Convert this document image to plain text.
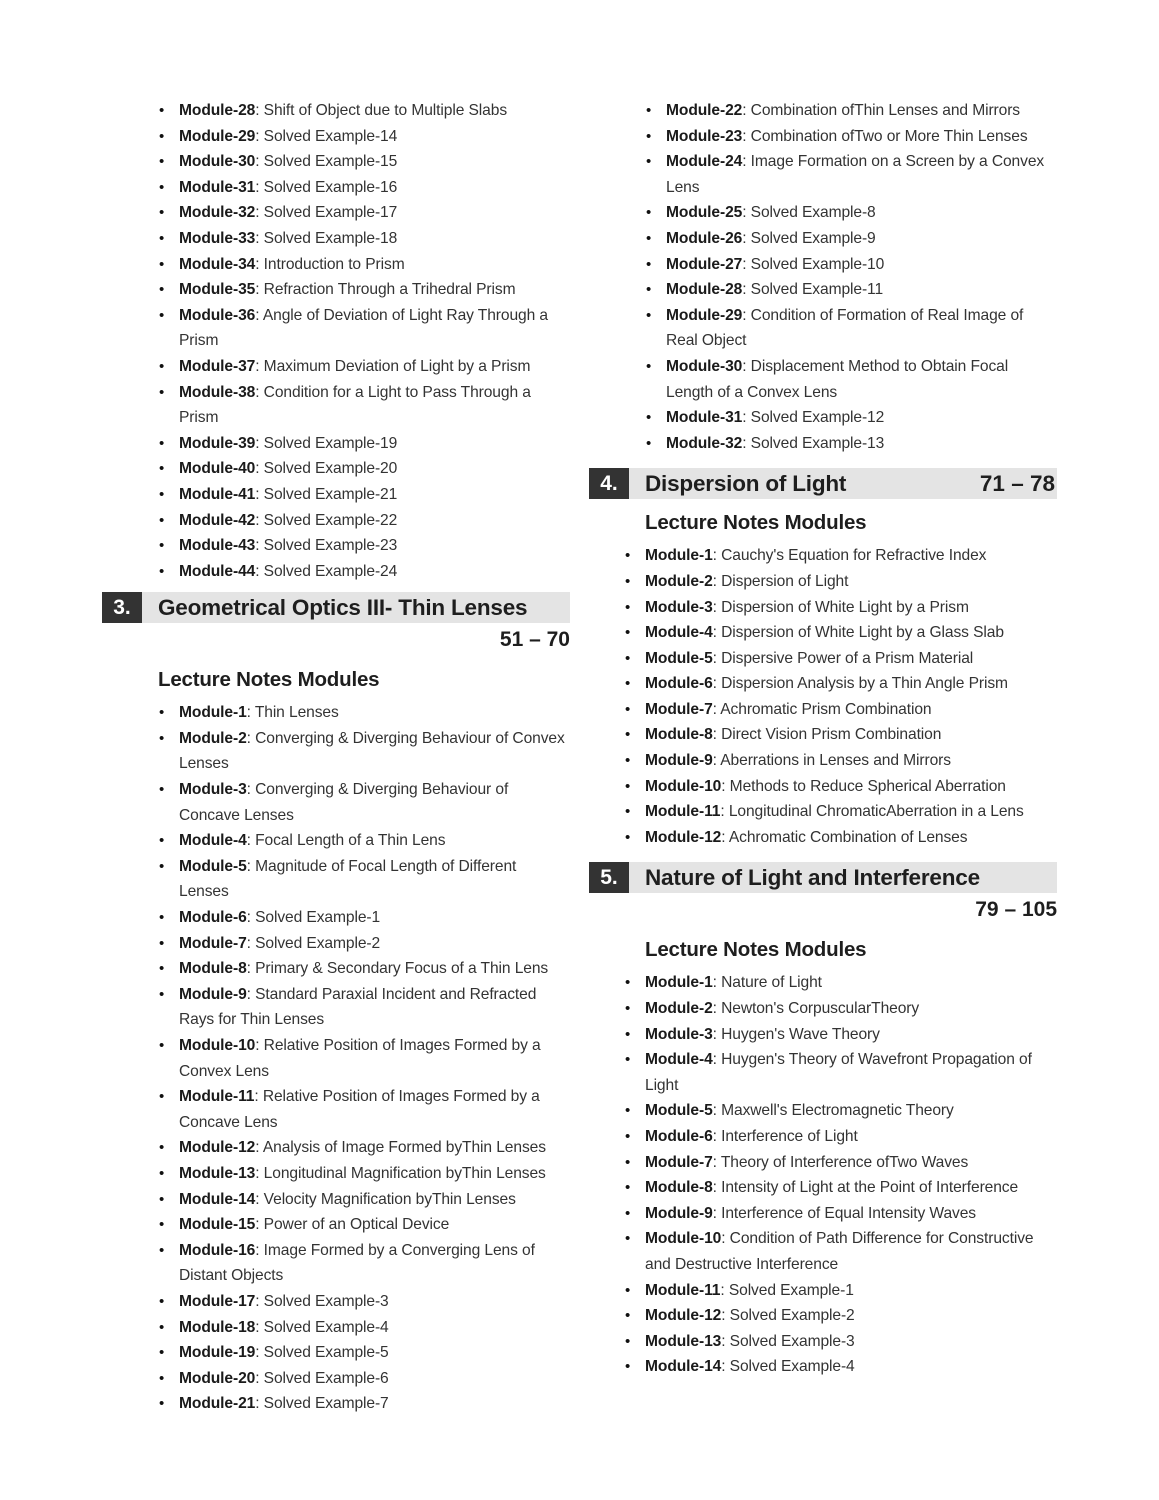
• Module-28: Shift of Object due to Multiple Slabs
• Module-29: Solved Example-14
• Module-30: Solved Example-15
• Module-31: Solved Example-16
• Module-32: Solved Example-17
• Module-33: Solved Example-18
• Module-34: Introduction to Prism
• Module-35: Refraction Through a Trihedral Prism
• Module-36: Angle of Deviation of Light Ray Through a Prism
• Module-37: Maximum Deviation of Light by a Prism
• Module-38: Condition for a Light to Pass Through a Prism
• Module-39: Solved Example-19
• Module-40: Solved Example-20
• Module-41: Solved Example-21
• Module-42: Solved Example-22
• Module-43: Solved Example-23
• Module-44: Solved Example-24
3.	Geometrical Optics III- Thin Lenses
51 – 70
Lecture Notes Modules
• Module-1: Thin Lenses
• Module-2: Converging & Diverging Behaviour of Convex Lenses
• Module-3: Converging & Diverging Behaviour of Concave Lenses
• Module-4: Focal Length of a Thin Lens
• Module-5: Magnitude of Focal Length of Different Lenses
• Module-6: Solved Example-1
• Module-7: Solved Example-2
• Module-8: Primary & Secondary Focus of a Thin Lens
• Module-9: Standard Paraxial Incident and Refracted Rays for Thin Lenses
• Module-10: Relative Position of Images Formed by a Convex Lens
• Module-11: Relative Position of Images Formed by a Concave Lens
• Module-12: Analysis of Image Formed byThin Lenses
• Module-13: Longitudinal Magnification byThin Lenses
• Module-14: Velocity Magnification byThin Lenses
• Module-15: Power of an Optical Device
• Module-16: Image Formed by a Converging Lens of Distant Objects
• Module-17: Solved Example-3
• Module-18: Solved Example-4
• Module-19: Solved Example-5
• Module-20: Solved Example-6
• Module-21: Solved Example-7
• Module-22: Combination ofThin Lenses and Mirrors
• Module-23: Combination ofTwo or More Thin Lenses
• Module-24: Image Formation on a Screen by a Convex Lens
• Module-25: Solved Example-8
• Module-26: Solved Example-9
• Module-27: Solved Example-10
• Module-28: Solved Example-11
• Module-29: Condition of Formation of Real Image of Real Object
• Module-30: Displacement Method to Obtain Focal Length of a Convex Lens
• Module-31: Solved Example-12
• Module-32: Solved Example-13
4.	Dispersion of Light	71 – 78
Lecture Notes Modules
• Module-1: Cauchy's Equation for Refractive Index
• Module-2: Dispersion of Light
• Module-3: Dispersion of White Light by a Prism
• Module-4: Dispersion of White Light by a Glass Slab
• Module-5: Dispersive Power of a Prism Material
• Module-6: Dispersion Analysis by a Thin Angle Prism
• Module-7: Achromatic Prism Combination
• Module-8: Direct Vision Prism Combination
• Module-9: Aberrations in Lenses and Mirrors
• Module-10: Methods to Reduce Spherical Aberration
• Module-11: Longitudinal ChromaticAberration in a Lens
• Module-12: Achromatic Combination of Lenses
5.	Nature of Light and Interference
79 – 105
Lecture Notes Modules
• Module-1: Nature of Light
• Module-2: Newton's CorpuscularTheory
• Module-3: Huygen's Wave Theory
• Module-4: Huygen's Theory of Wavefront Propagation of Light
• Module-5: Maxwell's Electromagnetic Theory
• Module-6: Interference of Light
• Module-7: Theory of Interference ofTwo Waves
• Module-8: Intensity of Light at the Point of Interference
• Module-9: Interference of Equal Intensity Waves
• Module-10: Condition of Path Difference for Constructive and Destructive Interference
• Module-11: Solved Example-1
• Module-12: Solved Example-2
• Module-13: Solved Example-3
• Module-14: Solved Example-4
